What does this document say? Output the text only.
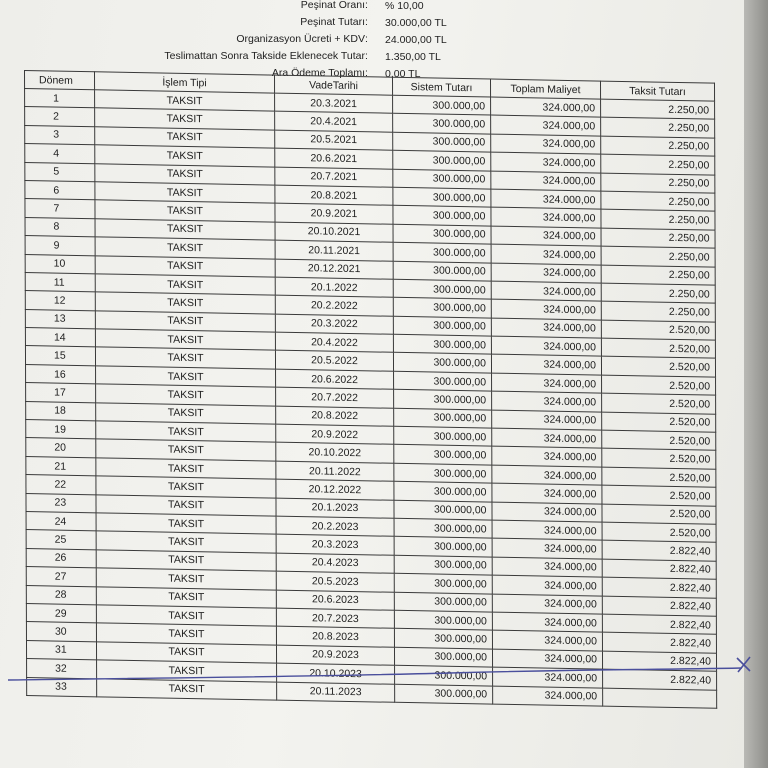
Peşinat Oranı : % 10,00
Peşinat Tutarı : 30.000,00 TL
Organizasyon Ücreti + KDV : 24.000,00 TL
Teslimattan Sonra Takside Eklenecek Tutar : 1.350,00 TL
Ara Ödeme Toplamı : 0,00 TL
Dönem	İşlem Tipi	VadeTarihi	Sistem Tutarı	Toplam Maliyet	Taksit Tutarı
1	TAKSIT	20.3.2021	300.000,00	324.000,00	2.250,00
2	TAKSIT	20.4.2021	300.000,00	324.000,00	2.250,00
3	TAKSIT	20.5.2021	300.000,00	324.000,00	2.250,00
4	TAKSIT	20.6.2021	300.000,00	324.000,00	2.250,00
5	TAKSIT	20.7.2021	300.000,00	324.000,00	2.250,00
6	TAKSIT	20.8.2021	300.000,00	324.000,00	2.250,00
7	TAKSIT	20.9.2021	300.000,00	324.000,00	2.250,00
8	TAKSIT	20.10.2021	300.000,00	324.000,00	2.250,00
9	TAKSIT	20.11.2021	300.000,00	324.000,00	2.250,00
10	TAKSIT	20.12.2021	300.000,00	324.000,00	2.250,00
11	TAKSIT	20.1.2022	300.000,00	324.000,00	2.250,00
12	TAKSIT	20.2.2022	300.000,00	324.000,00	2.250,00
13	TAKSIT	20.3.2022	300.000,00	324.000,00	2.520,00
14	TAKSIT	20.4.2022	300.000,00	324.000,00	2.520,00
15	TAKSIT	20.5.2022	300.000,00	324.000,00	2.520,00
16	TAKSIT	20.6.2022	300.000,00	324.000,00	2.520,00
17	TAKSIT	20.7.2022	300.000,00	324.000,00	2.520,00
18	TAKSIT	20.8.2022	300.000,00	324.000,00	2.520,00
19	TAKSIT	20.9.2022	300.000,00	324.000,00	2.520,00
20	TAKSIT	20.10.2022	300.000,00	324.000,00	2.520,00
21	TAKSIT	20.11.2022	300.000,00	324.000,00	2.520,00
22	TAKSIT	20.12.2022	300.000,00	324.000,00	2.520,00
23	TAKSIT	20.1.2023	300.000,00	324.000,00	2.520,00
24	TAKSIT	20.2.2023	300.000,00	324.000,00	2.520,00
25	TAKSIT	20.3.2023	300.000,00	324.000,00	2.822,40
26	TAKSIT	20.4.2023	300.000,00	324.000,00	2.822,40
27	TAKSIT	20.5.2023	300.000,00	324.000,00	2.822,40
28	TAKSIT	20.6.2023	300.000,00	324.000,00	2.822,40
29	TAKSIT	20.7.2023	300.000,00	324.000,00	2.822,40
30	TAKSIT	20.8.2023	300.000,00	324.000,00	2.822,40
31	TAKSIT	20.9.2023	300.000,00	324.000,00	2.822,40
32	TAKSIT	20.10.2023	300.000,00	324.000,00	2.822,40
33	TAKSIT	20.11.2023	300.000,00	324.000,00	
